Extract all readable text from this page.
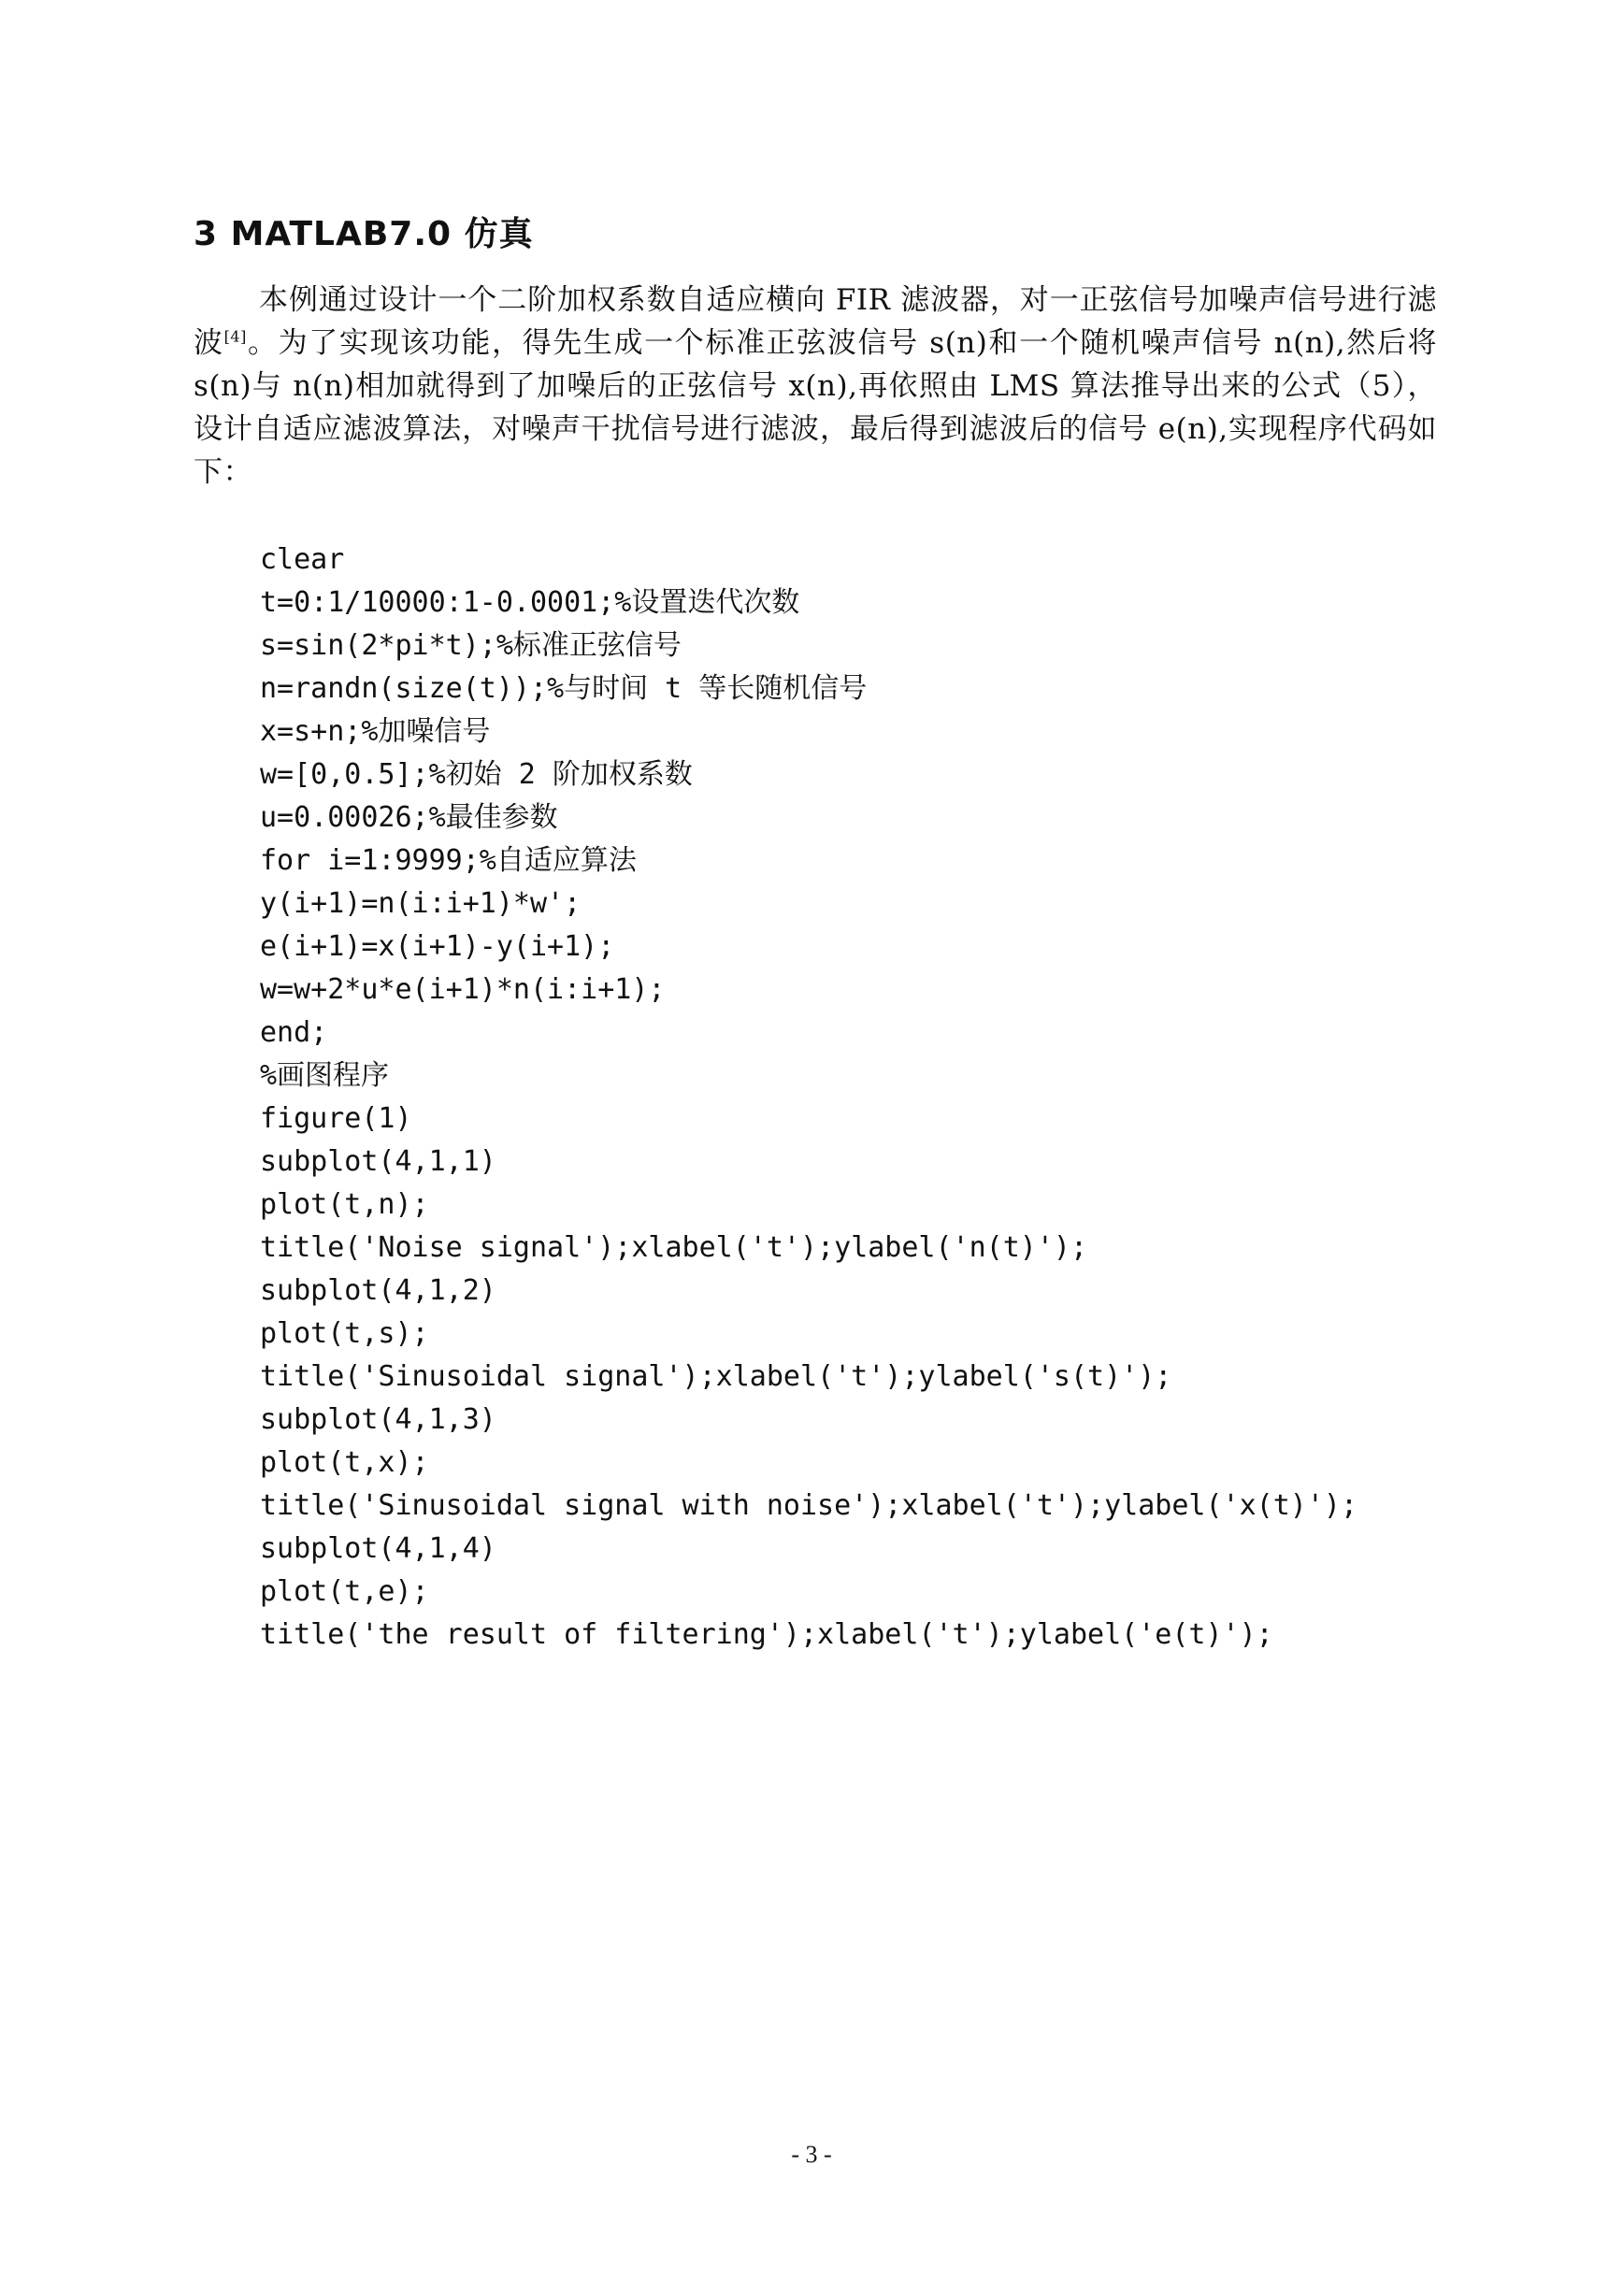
3 MATLAB7.0 仿真

本例通过设计一个二阶加权系数自适应横向 FIR 滤波器，对一正弦信号加噪声信号进行滤波[4]。为了实现该功能，得先生成一个标准正弦波信号 s(n)和一个随机噪声信号 n(n),然后将 s(n)与 n(n)相加就得到了加噪后的正弦信号 x(n),再依照由 LMS 算法推导出来的公式（5），设计自适应滤波算法，对噪声干扰信号进行滤波，最后得到滤波后的信号 e(n),实现程序代码如下：

clear
t=0:1/10000:1-0.0001;%设置迭代次数
s=sin(2*pi*t);%标准正弦信号
n=randn(size(t));%与时间 t 等长随机信号
x=s+n;%加噪信号
w=[0,0.5];%初始 2 阶加权系数
u=0.00026;%最佳参数
for i=1:9999;%自适应算法
y(i+1)=n(i:i+1)*w';
e(i+1)=x(i+1)-y(i+1);
w=w+2*u*e(i+1)*n(i:i+1);
end;
%画图程序
figure(1)
subplot(4,1,1)
plot(t,n);
title('Noise signal');xlabel('t');ylabel('n(t)');
subplot(4,1,2)
plot(t,s);
title('Sinusoidal signal');xlabel('t');ylabel('s(t)');
subplot(4,1,3)
plot(t,x);
title('Sinusoidal signal with noise');xlabel('t');ylabel('x(t)');
subplot(4,1,4)
plot(t,e);
title('the result of filtering');xlabel('t');ylabel('e(t)');
- 3 -
